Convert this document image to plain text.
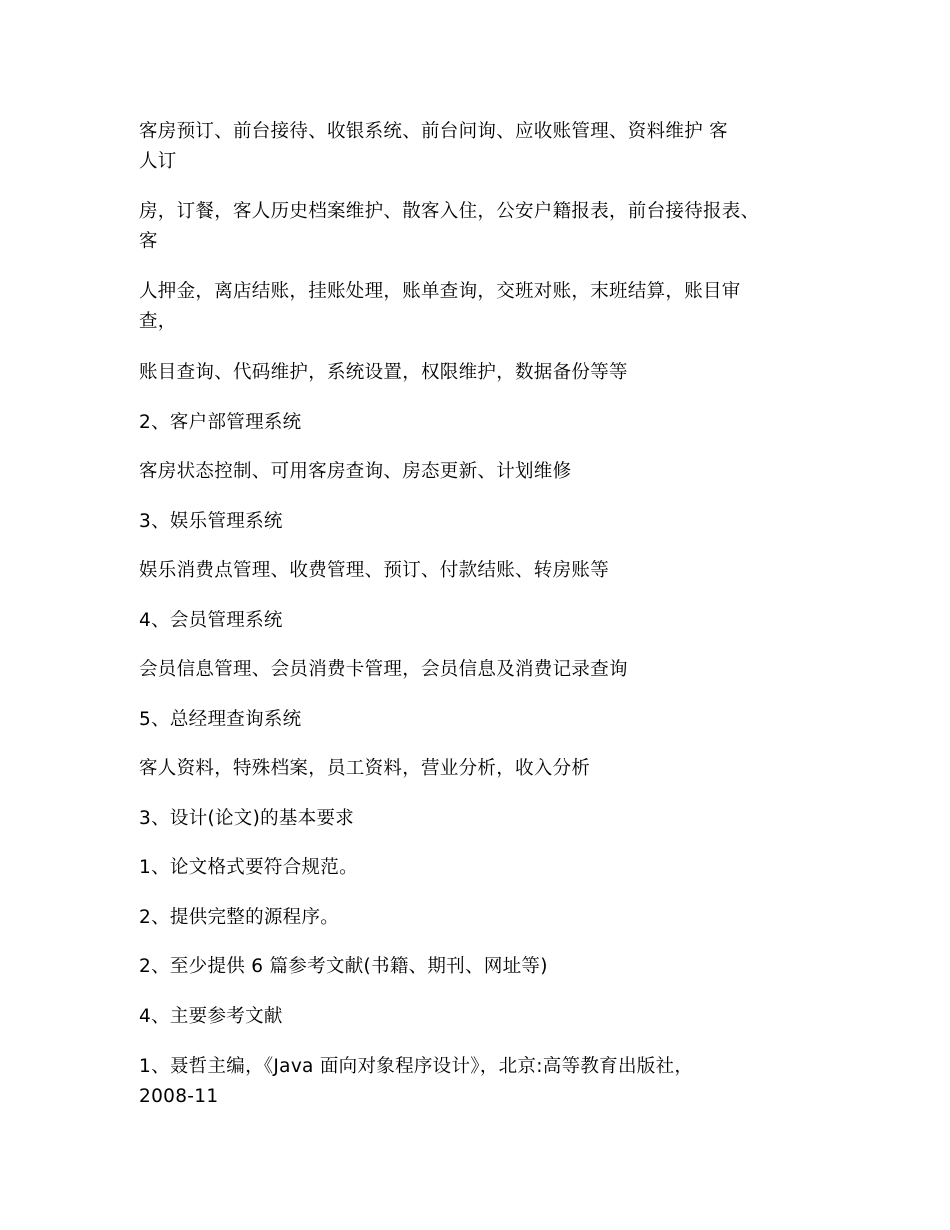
客房预订、前台接待、收银系统、前台问询、应收账管理、资料维护 客
人订
房，订餐，客人历史档案维护、散客入住，公安户籍报表，前台接待报表、
客
人押金，离店结账，挂账处理，账单查询，交班对账，末班结算，账目审
查，
账目查询、代码维护，系统设置，权限维护，数据备份等等
2、客户部管理系统
客房状态控制、可用客房查询、房态更新、计划维修
3、娱乐管理系统
娱乐消费点管理、收费管理、预订、付款结账、转房账等
4、会员管理系统
会员信息管理、会员消费卡管理，会员信息及消费记录查询
5、总经理查询系统
客人资料，特殊档案，员工资料，营业分析，收入分析
3、设计(论文)的基本要求
1、论文格式要符合规范。
2、提供完整的源程序。
2、至少提供 6 篇参考文献(书籍、期刊、网址等)
4、主要参考文献
1、聂哲主编，《Java 面向对象程序设计》，北京:高等教育出版社，
2008-11
